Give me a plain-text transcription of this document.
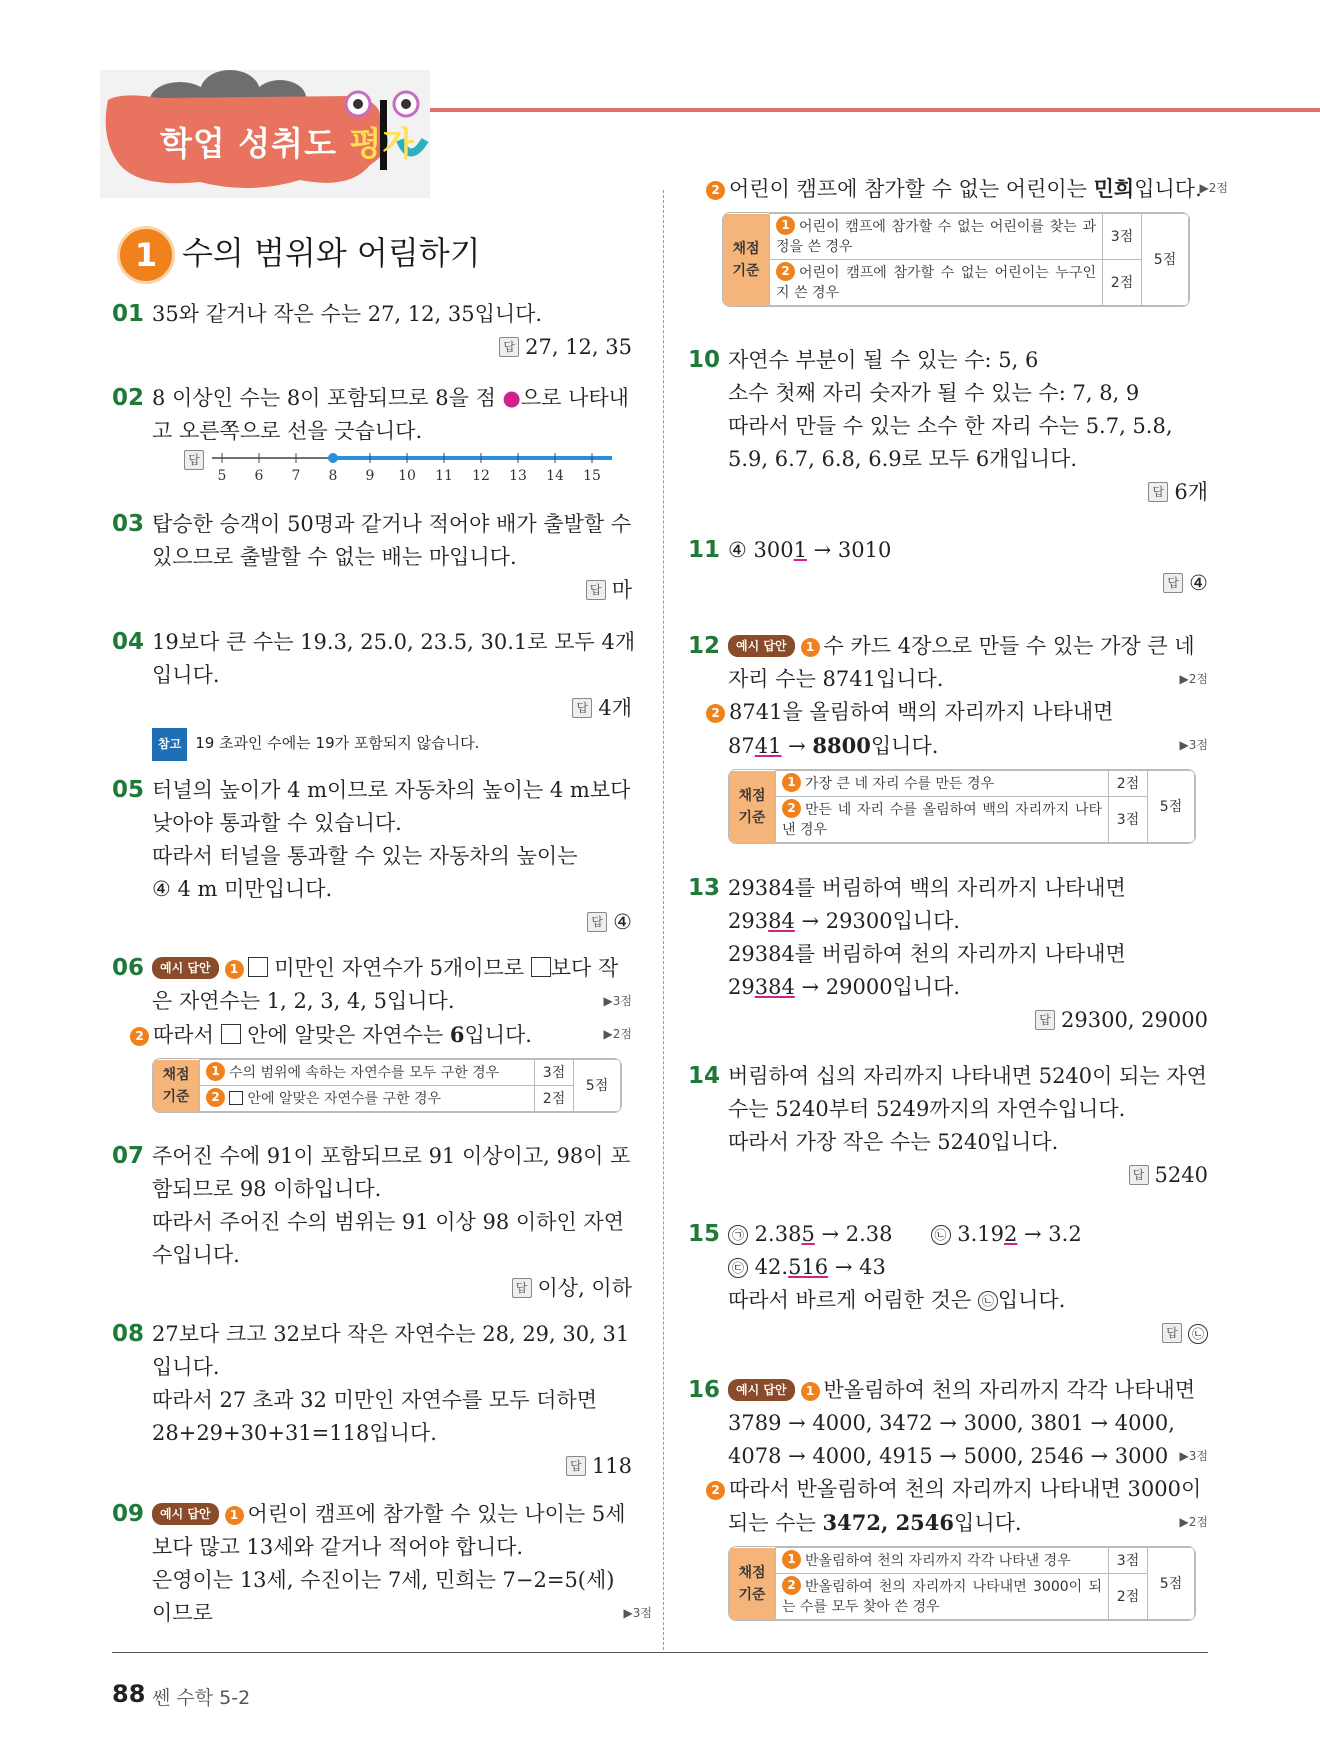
학업 성취도 평가
1 수의 범위와 어림하기
01 35와 같거나 작은 수는 27, 12, 35입니다.
답 27, 12, 35
02 8 이상인 수는 8이 포함되므로 8을 점 ●으로 나타내
고 오른쪽으로 선을 긋습니다.
답
5 6 7 8 9 10 11 12 13 14 15
03 탑승한 승객이 50명과 같거나 적어야 배가 출발할 수
있으므로 출발할 수 없는 배는 마입니다.
답 마
04 19보다 큰 수는 19.3, 25.0, 23.5, 30.1로 모두 4개
입니다.
답 4개
참고 19 초과인 수에는 19가 포함되지 않습니다.
05 터널의 높이가 4 m이므로 자동차의 높이는 4 m보다
낮아야 통과할 수 있습니다.
따라서 터널을 통과할 수 있는 자동차의 높이는
④ 4 m 미만입니다.
답 ④
06	예시 답안 1 미만인 자연수가 5개이므로 보다 작
은 자연수는 1, 2, 3, 4, 5입니다.	▶3점
2 따라서  안에 알맞은 자연수는 6입니다.	▶2점
채점 기준	1 수의 범위에 속하는 자연수를 모두 구한 경우	3점	5점
	2 안에 알맞은 자연수를 구한 경우	2점	
07 주어진 수에 91이 포함되므로 91 이상이고, 98이 포
함되므로 98 이하입니다.
따라서 주어진 수의 범위는 91 이상 98 이하인 자연
수입니다.
답 이상, 이하
08 27보다 크고 32보다 작은 자연수는 28, 29, 30, 31
입니다.
따라서 27 초과 32 미만인 자연수를 모두 더하면
28+29+30+31=118입니다.
답 118
09	예시 답안 1 어린이 캠프에 참가할 수 있는 나이는 5세
보다 많고 13세와 같거나 적어야 합니다.
은영이는 13세, 수진이는 7세, 민희는 7−2=5(세)
이므로	▶3점
2 어린이 캠프에 참가할 수 없는 어린이는 민희입니다.
▶2점
채점 기준	1 어린이 캠프에 참가할 수 없는 어린이를 찾는 과정을 쓴 경우	3점	5점
	2 어린이 캠프에 참가할 수 없는 어린이는 누구인지 쓴 경우	2점	
10 자연수 부분이 될 수 있는 수: 5, 6
소수 첫째 자리 숫자가 될 수 있는 수: 7, 8, 9
따라서 만들 수 있는 소수 한 자리 수는 5.7, 5.8,
5.9, 6.7, 6.8, 6.9로 모두 6개입니다.
답 6개
11 ④ 3001 → 3010
답 ④
12	예시 답안 1 수 카드 4장으로 만들 수 있는 가장 큰 네
자리 수는 8741입니다.	▶2점
2 8741을 올림하여 백의 자리까지 나타내면
8741 → 8800입니다.	▶3점
채점 기준	1 가장 큰 네 자리 수를 만든 경우	2점	5점
	2 만든 네 자리 수를 올림하여 백의 자리까지 나타낸 경우	3점	
13 29384를 버림하여 백의 자리까지 나타내면
29384 → 29300입니다.
29384를 버림하여 천의 자리까지 나타내면
29384 → 29000입니다.
답 29300, 29000
14 버림하여 십의 자리까지 나타내면 5240이 되는 자연
수는 5240부터 5249까지의 자연수입니다.
따라서 가장 작은 수는 5240입니다.
답 5240
15 ㉠ 2.385 → 2.38	㉡ 3.192 → 3.2
㉢ 42.516 → 43
따라서 바르게 어림한 것은 ㉡ 입니다.
답 ㉡
16	예시 답안 1 반올림하여 천의 자리까지 각각 나타내면
3789 → 4000, 3472 → 3000, 3801 → 4000,
4078 → 4000, 4915 → 5000, 2546 → 3000 ▶3점
2 따라서 반올림하여 천의 자리까지 나타내면 3000이
되는 수는 3472, 2546입니다.	▶2점
채점 기준	1 반올림하여 천의 자리까지 각각 나타낸 경우	3점	5점
	2 반올림하여 천의 자리까지 나타내면 3000이 되는 수를 모두 찾아 쓴 경우	2점	
88 쎈 수학 5-2
